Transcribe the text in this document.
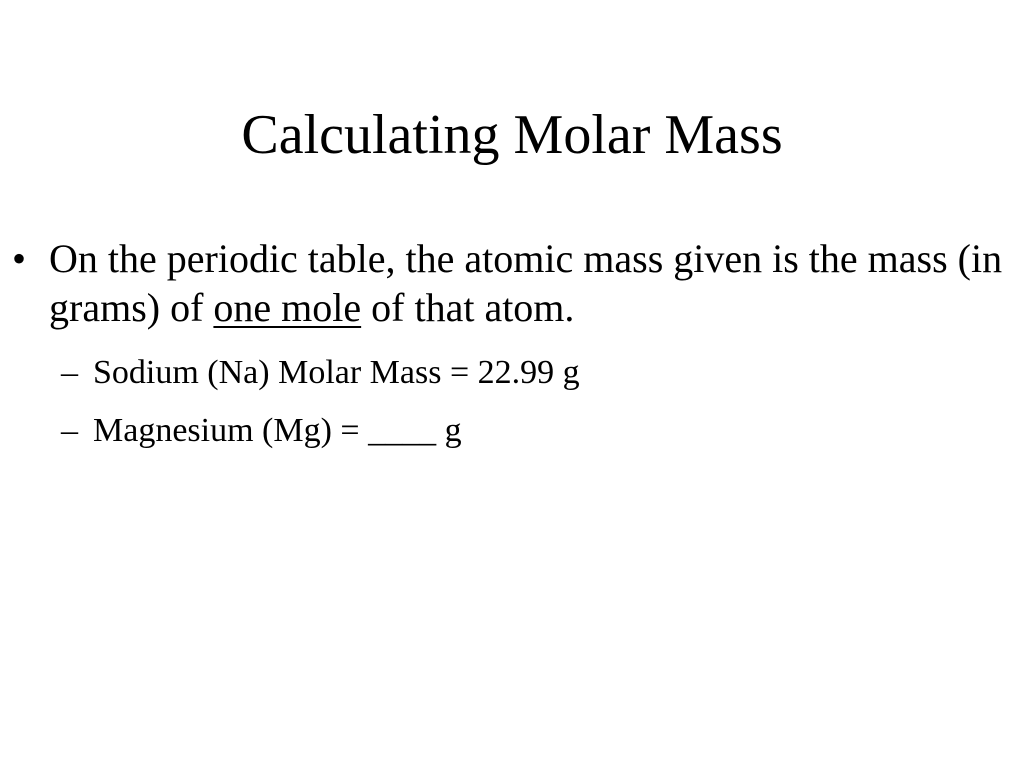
Calculating Molar Mass
• On the periodic table, the atomic mass given is the mass (in grams) of one mole of that atom.
– Sodium (Na) Molar Mass = 22.99 g
– Magnesium (Mg) = ____ g
